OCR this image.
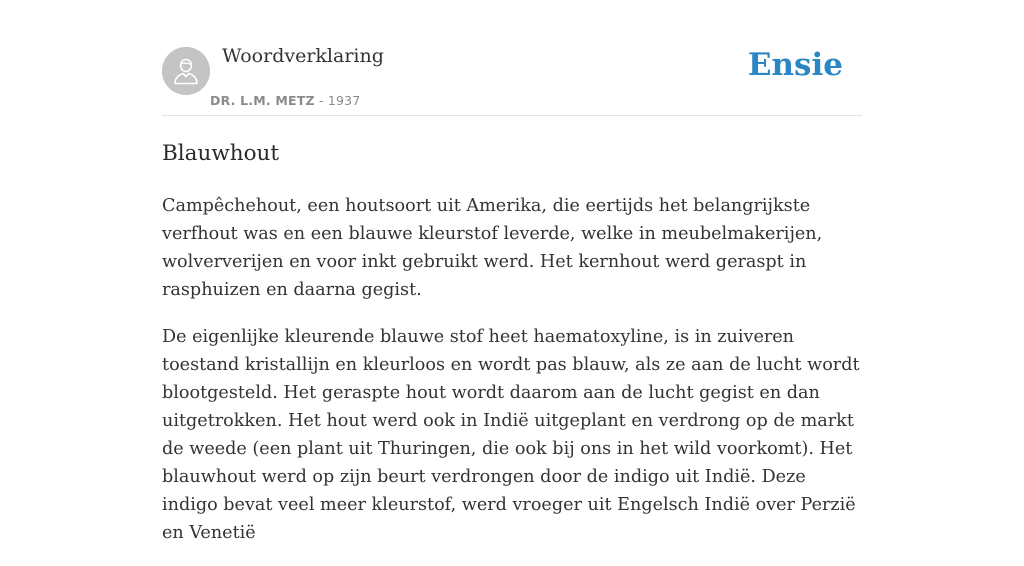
Woordverklaring
DR. L.M. METZ - 1937
Ensie
Blauwhout

Campêchehout, een houtsoort uit Amerika, die eertijds het belangrijkste verfhout was en een blauwe kleurstof leverde, welke in meubelmakerijen, wolververijen en voor inkt gebruikt werd. Het kernhout werd geraspt in rasphuizen en daarna gegist.

De eigenlijke kleurende blauwe stof heet haematoxyline, is in zuiveren toestand kristallijn en kleurloos en wordt pas blauw, als ze aan de lucht wordt blootgesteld. Het geraspte hout wordt daarom aan de lucht gegist en dan uitgetrokken. Het hout werd ook in Indië uitgeplant en verdrong op de markt de weede (een plant uit Thuringen, die ook bij ons in het wild voorkomt). Het blauwhout werd op zijn beurt verdrongen door de indigo uit Indië. Deze indigo bevat veel meer kleurstof, werd vroeger uit Engelsch Indië over Perzië en Venetië
